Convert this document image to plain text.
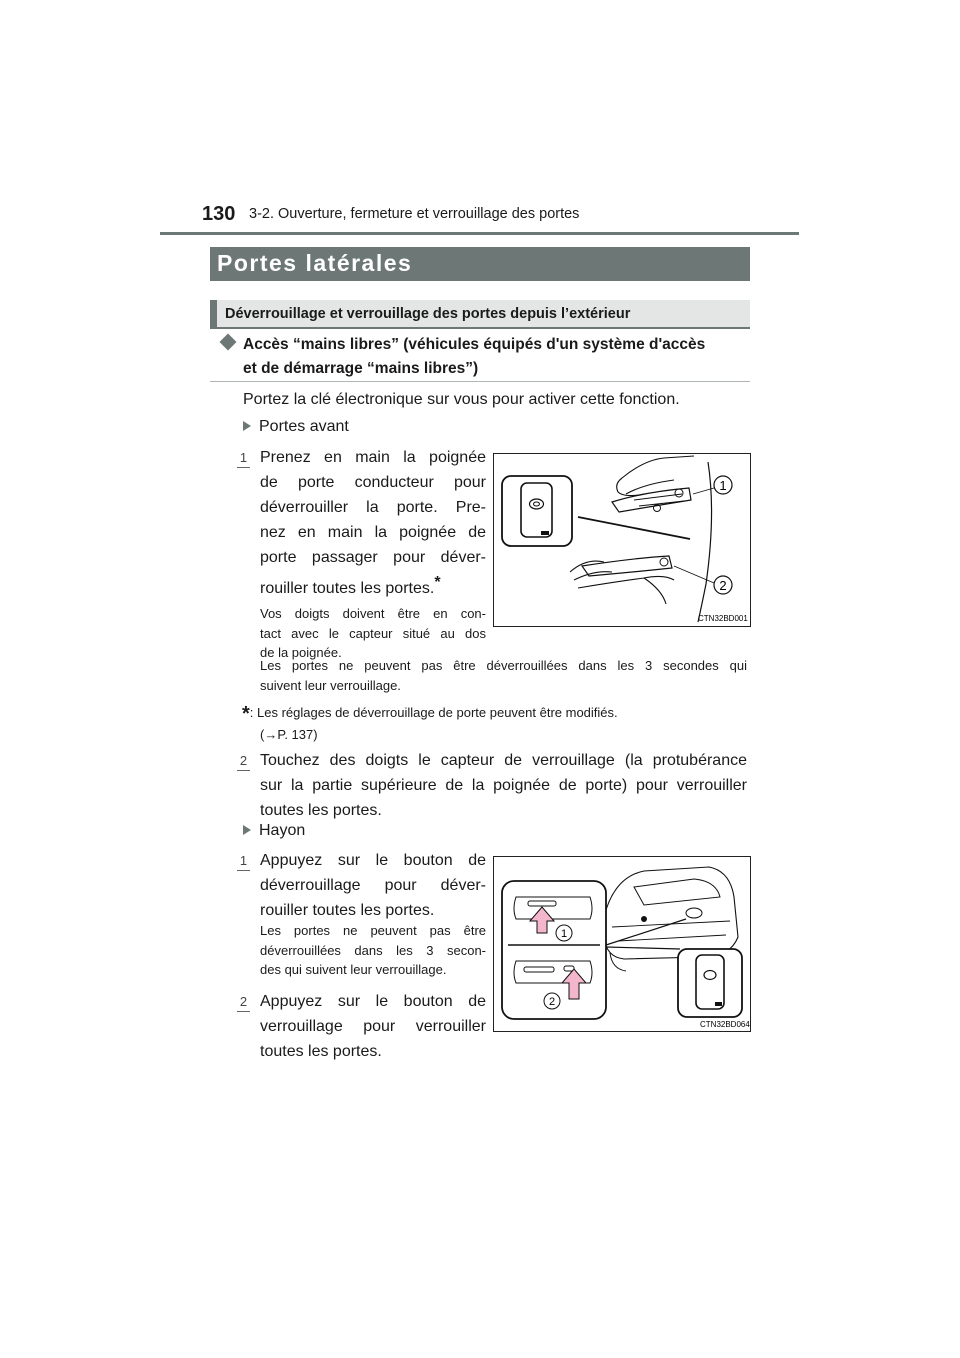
130 3-2. Ouverture, fermeture et verrouillage des portes
Portes latérales
Déverrouillage et verrouillage des portes depuis l’extérieur
Accès “mains libres” (véhicules équipés d'un système d'accès
et de démarrage “mains libres”)
Portez la clé électronique sur vous pour activer cette fonction.
Portes avant
1 Prenez en main la poignée
de porte conducteur pour
déverrouiller la porte. Pre-
nez en main la poignée de
porte passager pour déver-
rouiller toutes les portes.*
Vos doigts doivent être en con-
tact avec le capteur situé au dos
de la poignée.
Les portes ne peuvent pas être déverrouillées dans les 3 secondes qui
suivent leur verrouillage.
*: Les réglages de déverrouillage de porte peuvent être modifiés.
(→P. 137)
2 Touchez des doigts le capteur de verrouillage (la protubérance
sur la partie supérieure de la poignée de porte) pour verrouiller
toutes les portes.
1
2
CTN32BD001
Hayon
1 Appuyez sur le bouton de
déverrouillage pour déver-
rouiller toutes les portes.
Les portes ne peuvent pas être
déverrouillées dans les 3 secon-
des qui suivent leur verrouillage.
2 Appuyez sur le bouton de
verrouillage pour verrouiller
toutes les portes.
1
2
CTN32BD064
